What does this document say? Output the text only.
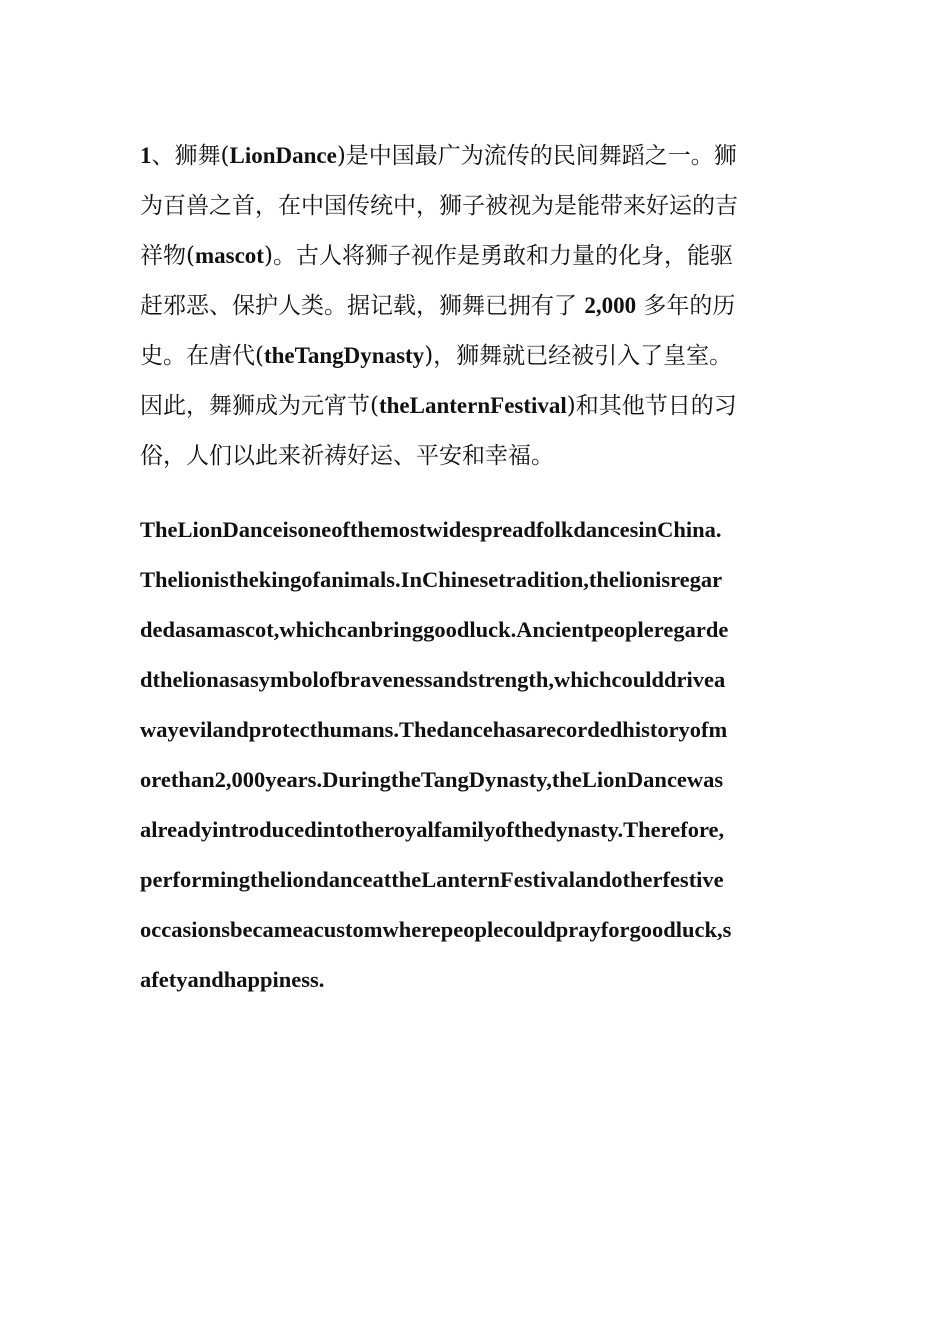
1、狮舞(LionDance)是中国最广为流传的民间舞蹈之一。狮
为百兽之首，在中国传统中，狮子被视为是能带来好运的吉
祥物(mascot)。古人将狮子视作是勇敢和力量的化身，能驱
赶邪恶、保护人类。据记载，狮舞已拥有了 2,000 多年的历
史。在唐代(theTangDynasty)，狮舞就已经被引入了皇室。
因此，舞狮成为元宵节(theLanternFestival)和其他节日的习
俗，人们以此来祈祷好运、平安和幸福。
TheLionDanceisoneofthemostwidespreadfolkdancesinChina.
Thelionisthekingofanimals.InChinesetradition,thelionisregar
dedasamascot,whichcanbringgoodluck.Ancientpeopleregarde
dthelionasasymbolofbravenessandstrength,whichcoulddrivea
wayevilandprotecthumans.Thedancehasarecordedhistoryofm
orethan2,000years.DuringtheTangDynasty,theLionDancewas
alreadyintroducedintotheroyalfamilyofthedynasty.Therefore,
performingtheliondanceattheLanternFestivalandotherfestive
occasionsbecameacustomwherepeoplecouldprayforgoodluck,s
afetyandhappiness.
